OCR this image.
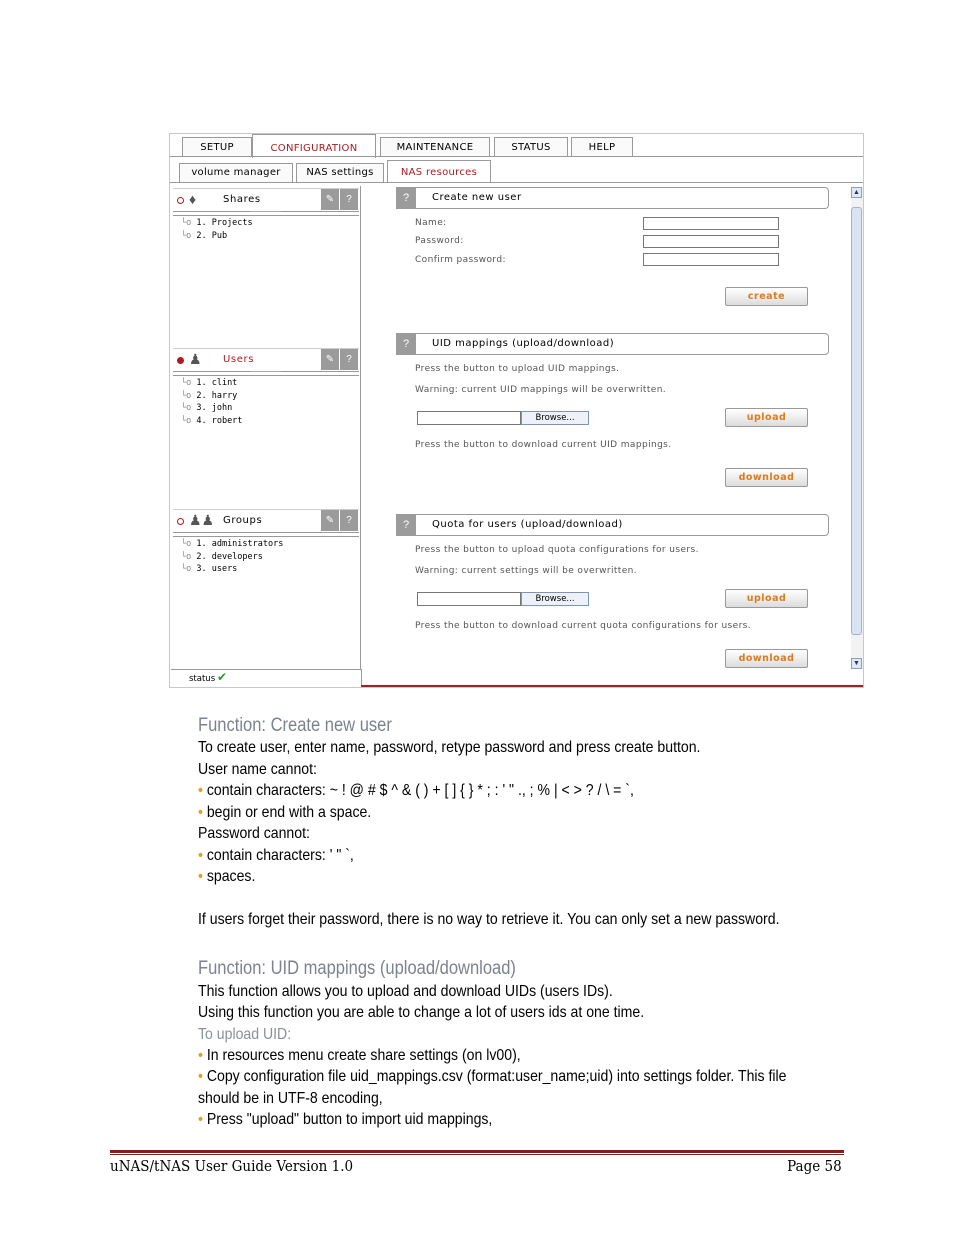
SETUP	CONFIGURATION	MAINTENANCE	STATUS	HELP
volume manager	NAS settings	NAS resources
♦	Shares	✎	?
└o 1. Projects
└o 2. Pub
♟ Users	✎	?
└o 1. clint
└o 2. harry
└o 3. john
└o 4. robert
♟♟ Groups	✎	?
└o 1. administrators
└o 2. developers
└o 3. users
?	Create new user
Name:
Password:
Confirm password:
create
?	UID mappings (upload/download)
Press the button to upload UID mappings.
Warning: current UID mappings will be overwritten.
Browse...	upload
Press the button to download current UID mappings.
download
?	Quota for users (upload/download)
Press the button to upload quota configurations for users.
Warning: current settings will be overwritten.
Browse...	upload
Press the button to download current quota configurations for users.
download
▲
▼
status ✔
Function: Create new user
To create user, enter name, password, retype password and press create button.
User name cannot:
• contain characters: ~ ! @ # $ ^ & ( ) + [ ] { } * ; : ' " ., ; % | < > ? / \ = `,
• begin or end with a space.
Password cannot:
• contain characters: ' " `,
• spaces.
If users forget their password, there is no way to retrieve it. You can only set a new password.
Function: UID mappings (upload/download)
This function allows you to upload and download UIDs (users IDs).
Using this function you are able to change a lot of users ids at one time.
To upload UID:
• In resources menu create share settings (on lv00),
• Copy configuration file uid_mappings.csv (format:user_name;uid) into settings folder. This file
should be in UTF-8 encoding,
• Press "upload" button to import uid mappings,
uNAS/tNAS User Guide Version 1.0	Page 58
